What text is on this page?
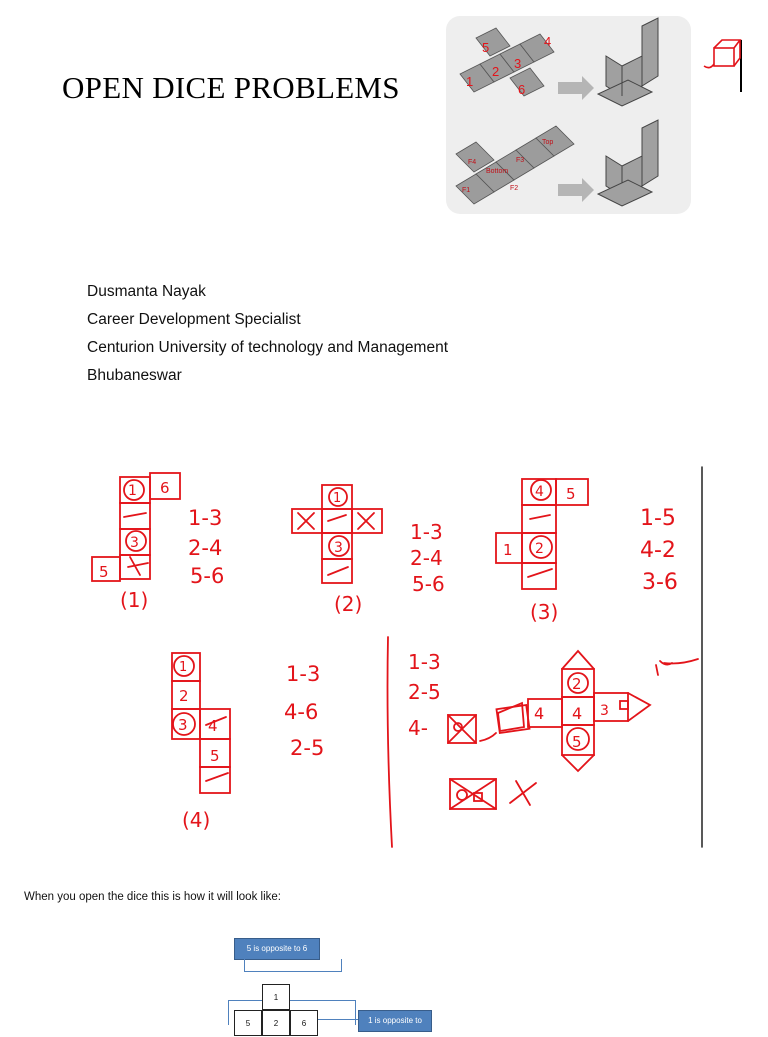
OPEN DICE PROBLEMS
5	4
1
2
3
6
F4	F3
Top
Bottom
F1	F2
Dusmanta Nayak
Career Development Specialist
Centurion University of technology and Management
Bhubaneswar
1 6
3
5
1-3
2-4
5-6
(1)
1
3
1-3
2-4
5-6
(2)
4 5
1 2
1-5
4-2
3-6
(3)
1
2
3 4
5
1-3
4-6
2-5
(4)
1-3
2-5
4-
2
4 3
5
4
When you open the dice this is how it will look like:
5 is opposite to 6
1
5	2	6	1 is opposite to
